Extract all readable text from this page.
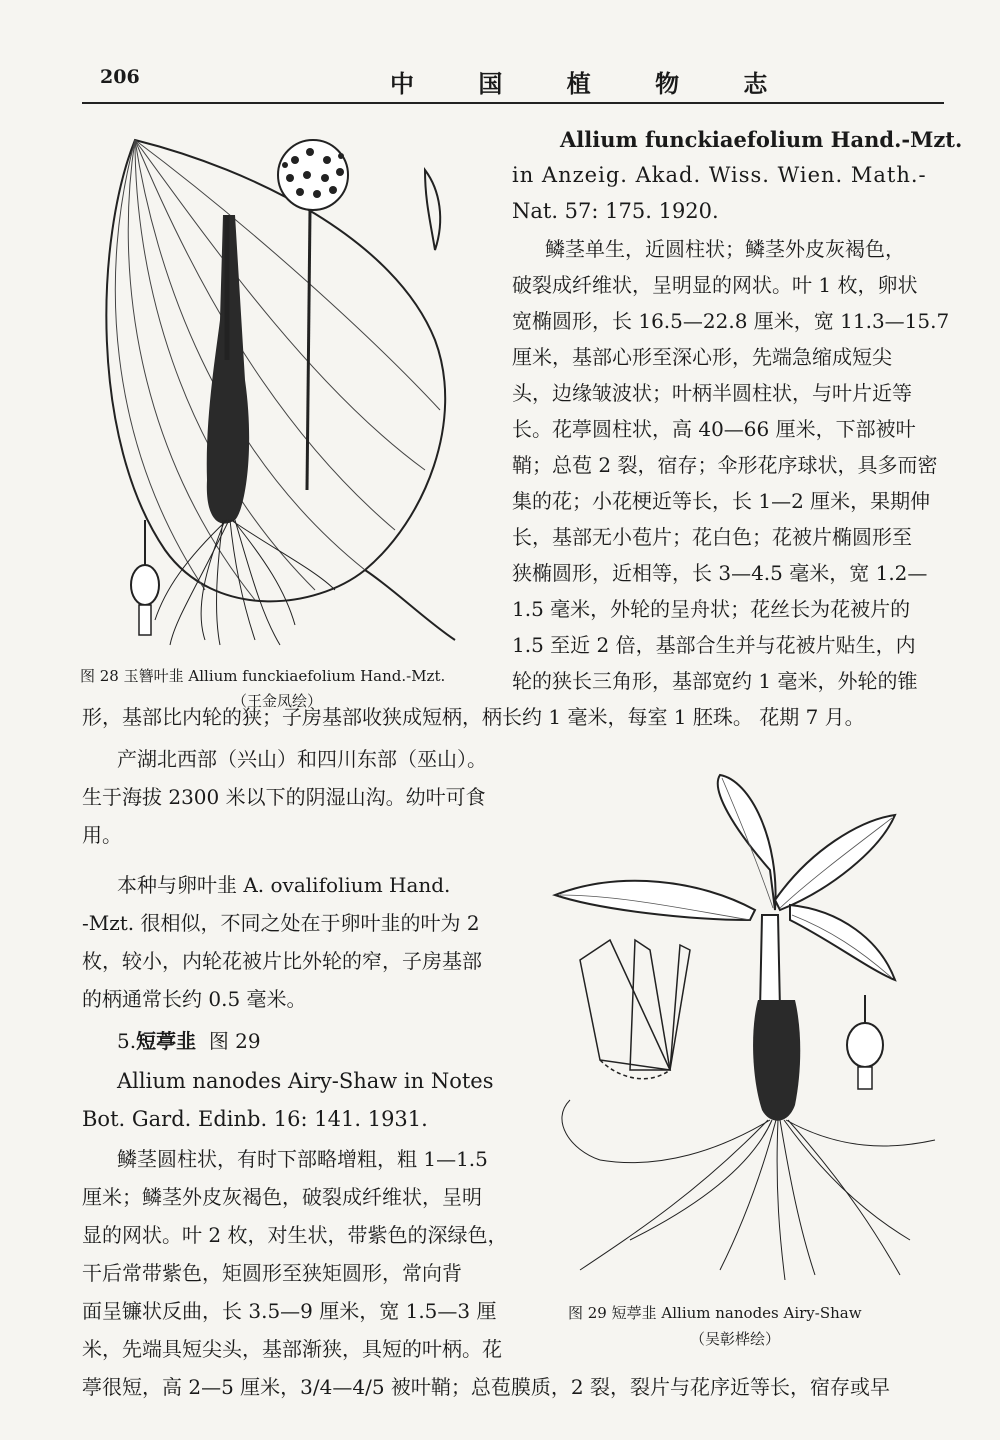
206	中 国 植 物 志
图 28 玉簪叶韭 Allium funckiaefolium Hand.-Mzt.
（王金凤绘）
Allium funckiaefolium Hand.-Mzt.
in Anzeig. Akad. Wiss. Wien. Math.-
Nat. 57: 175. 1920.
鳞茎单生，近圆柱状；鳞茎外皮灰褐色，
破裂成纤维状，呈明显的网状。叶 1 枚，卵状
宽椭圆形，长 16.5—22.8 厘米，宽 11.3—15.7
厘米，基部心形至深心形，先端急缩成短尖
头，边缘皱波状；叶柄半圆柱状，与叶片近等
长。花葶圆柱状，高 40—66 厘米，下部被叶
鞘；总苞 2 裂，宿存；伞形花序球状，具多而密
集的花；小花梗近等长，长 1—2 厘米，果期伸
长，基部无小苞片；花白色；花被片椭圆形至
狭椭圆形，近相等，长 3—4.5 毫米，宽 1.2—
1.5 毫米，外轮的呈舟状；花丝长为花被片的
1.5 至近 2 倍，基部合生并与花被片贴生，内
轮的狭长三角形，基部宽约 1 毫米，外轮的锥
形，基部比内轮的狭；子房基部收狭成短柄，柄长约 1 毫米，每室 1 胚珠。 花期 7 月。
产湖北西部（兴山）和四川东部（巫山）。
生于海拔 2300 米以下的阴湿山沟。幼叶可食
用。
本种与卵叶韭 A. ovalifolium Hand.
-Mzt. 很相似，不同之处在于卵叶韭的叶为 2
枚，较小，内轮花被片比外轮的窄，子房基部
的柄通常长约 0.5 毫米。
5.短葶韭 图 29
Allium nanodes Airy-Shaw in Notes
Bot. Gard. Edinb. 16: 141. 1931.
鳞茎圆柱状，有时下部略增粗，粗 1—1.5
厘米；鳞茎外皮灰褐色，破裂成纤维状，呈明
显的网状。叶 2 枚，对生状，带紫色的深绿色，
干后常带紫色，矩圆形至狭矩圆形，常向背
面呈镰状反曲，长 3.5—9 厘米，宽 1.5—3 厘
米，先端具短尖头，基部渐狭，具短的叶柄。花
葶很短，高 2—5 厘米，3/4—4/5 被叶鞘；总苞膜质，2 裂，裂片与花序近等长，宿存或早
图 29 短葶韭 Allium nanodes Airy-Shaw
（吴彰桦绘）
